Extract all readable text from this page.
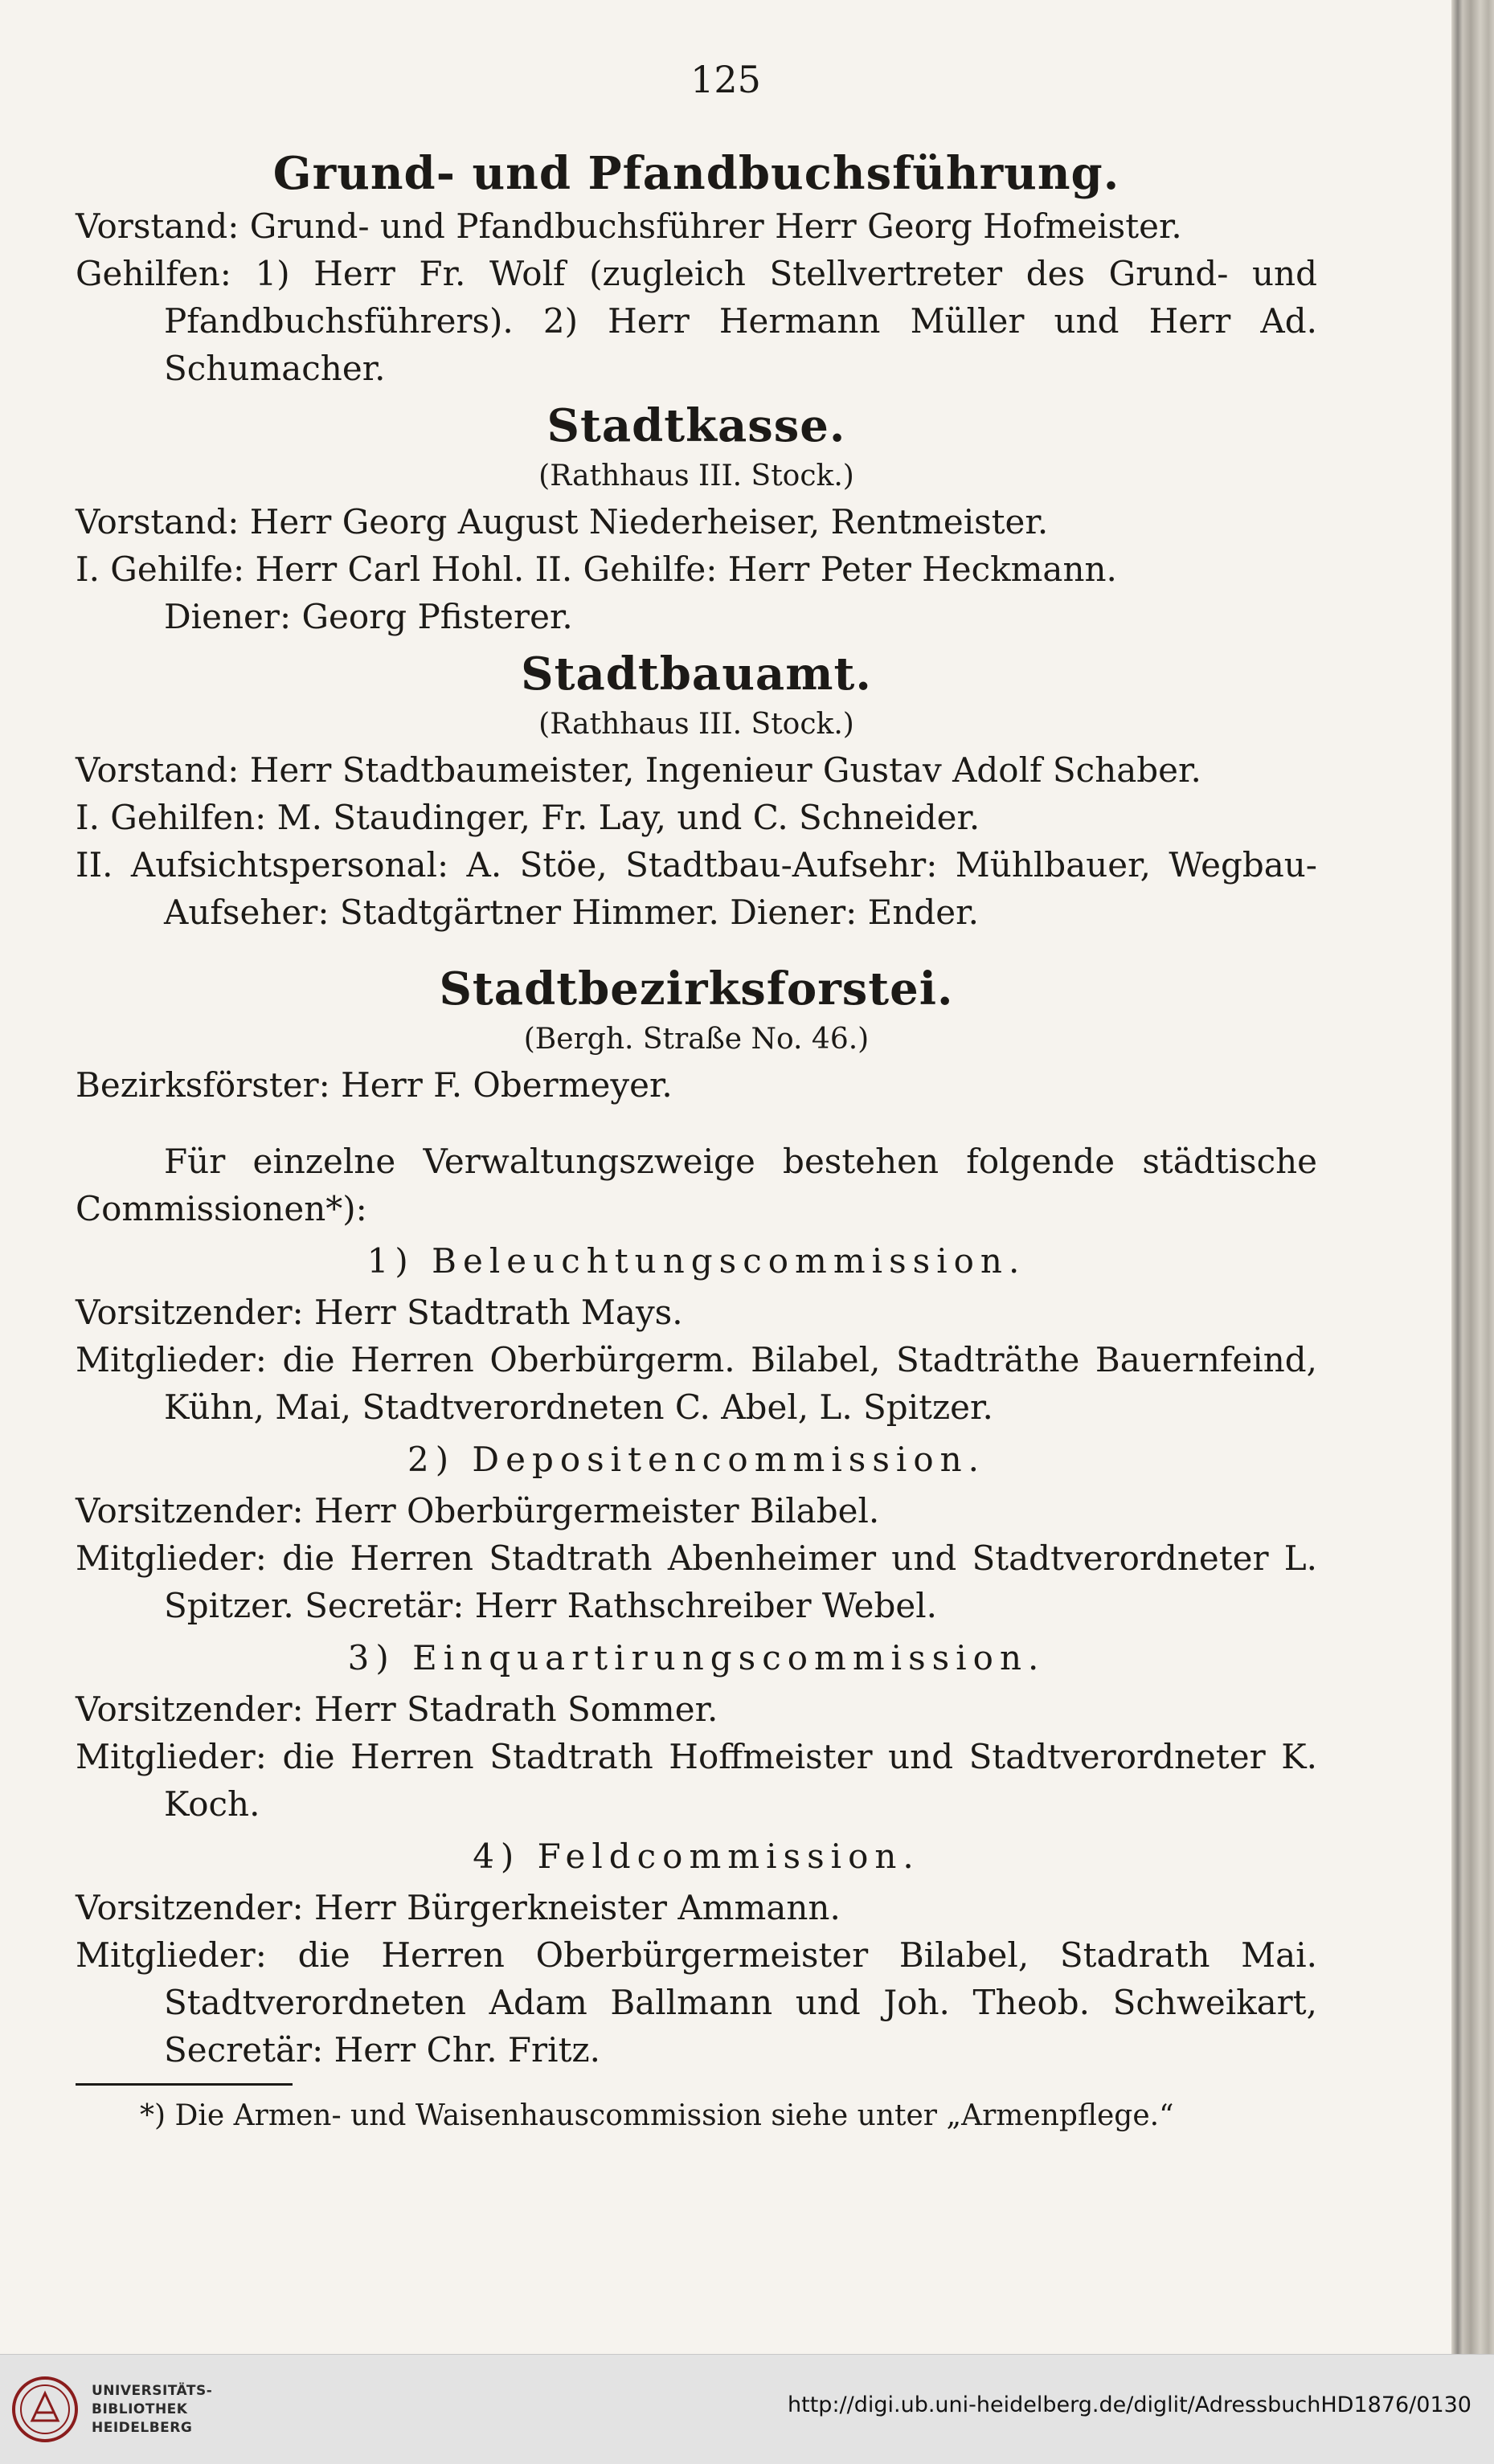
125

Grund- und Pfandbuchsführung.

Vorstand: Grund- und Pfandbuchsführer Herr Georg Hofmeister.

Gehilfen: 1) Herr Fr. Wolf (zugleich Stellvertreter des Grund- und Pfandbuchsführers). 2) Herr Hermann Müller und Herr Ad. Schumacher.

Stadtkasse.

(Rathhaus III. Stock.)

Vorstand: Herr Georg August Niederheiser, Rentmeister.

I. Gehilfe: Herr Carl Hohl. II. Gehilfe: Herr Peter Heckmann.

Diener: Georg Pfisterer.

Stadtbauamt.

(Rathhaus III. Stock.)

Vorstand: Herr Stadtbaumeister, Ingenieur Gustav Adolf Schaber.

I. Gehilfen: M. Staudinger, Fr. Lay, und C. Schneider.

II. Aufsichtspersonal: A. Stöe, Stadtbau-Aufsehr: Mühlbauer, Wegbau-Aufseher: Stadtgärtner Himmer. Diener: Ender.

Stadtbezirksforstei.

(Bergh. Straße No. 46.)

Bezirksförster: Herr F. Obermeyer.

Für einzelne Verwaltungszweige bestehen folgende städtische Commissionen*):

1) Beleuchtungscommission.

Vorsitzender: Herr Stadtrath Mays.

Mitglieder: die Herren Oberbürgerm. Bilabel, Stadträthe Bauernfeind, Kühn, Mai, Stadtverordneten C. Abel, L. Spitzer.

2) Depositencommission.

Vorsitzender: Herr Oberbürgermeister Bilabel.

Mitglieder: die Herren Stadtrath Abenheimer und Stadtverordneter L. Spitzer. Secretär: Herr Rathschreiber Webel.

3) Einquartirungscommission.

Vorsitzender: Herr Stadrath Sommer.

Mitglieder: die Herren Stadtrath Hoffmeister und Stadtverordneter K. Koch.

4) Feldcommission.

Vorsitzender: Herr Bürgerkneister Ammann.

Mitglieder: die Herren Oberbürgermeister Bilabel, Stadrath Mai. Stadtverordneten Adam Ballmann und Joh. Theob. Schweikart, Secretär: Herr Chr. Fritz.

*) Die Armen- und Waisenhauscommission siehe unter „Armenpflege.“

UNIVERSITÄTS-
BIBLIOTHEK
HEIDELBERG
http://digi.ub.uni-heidelberg.de/diglit/AdressbuchHD1876/0130
